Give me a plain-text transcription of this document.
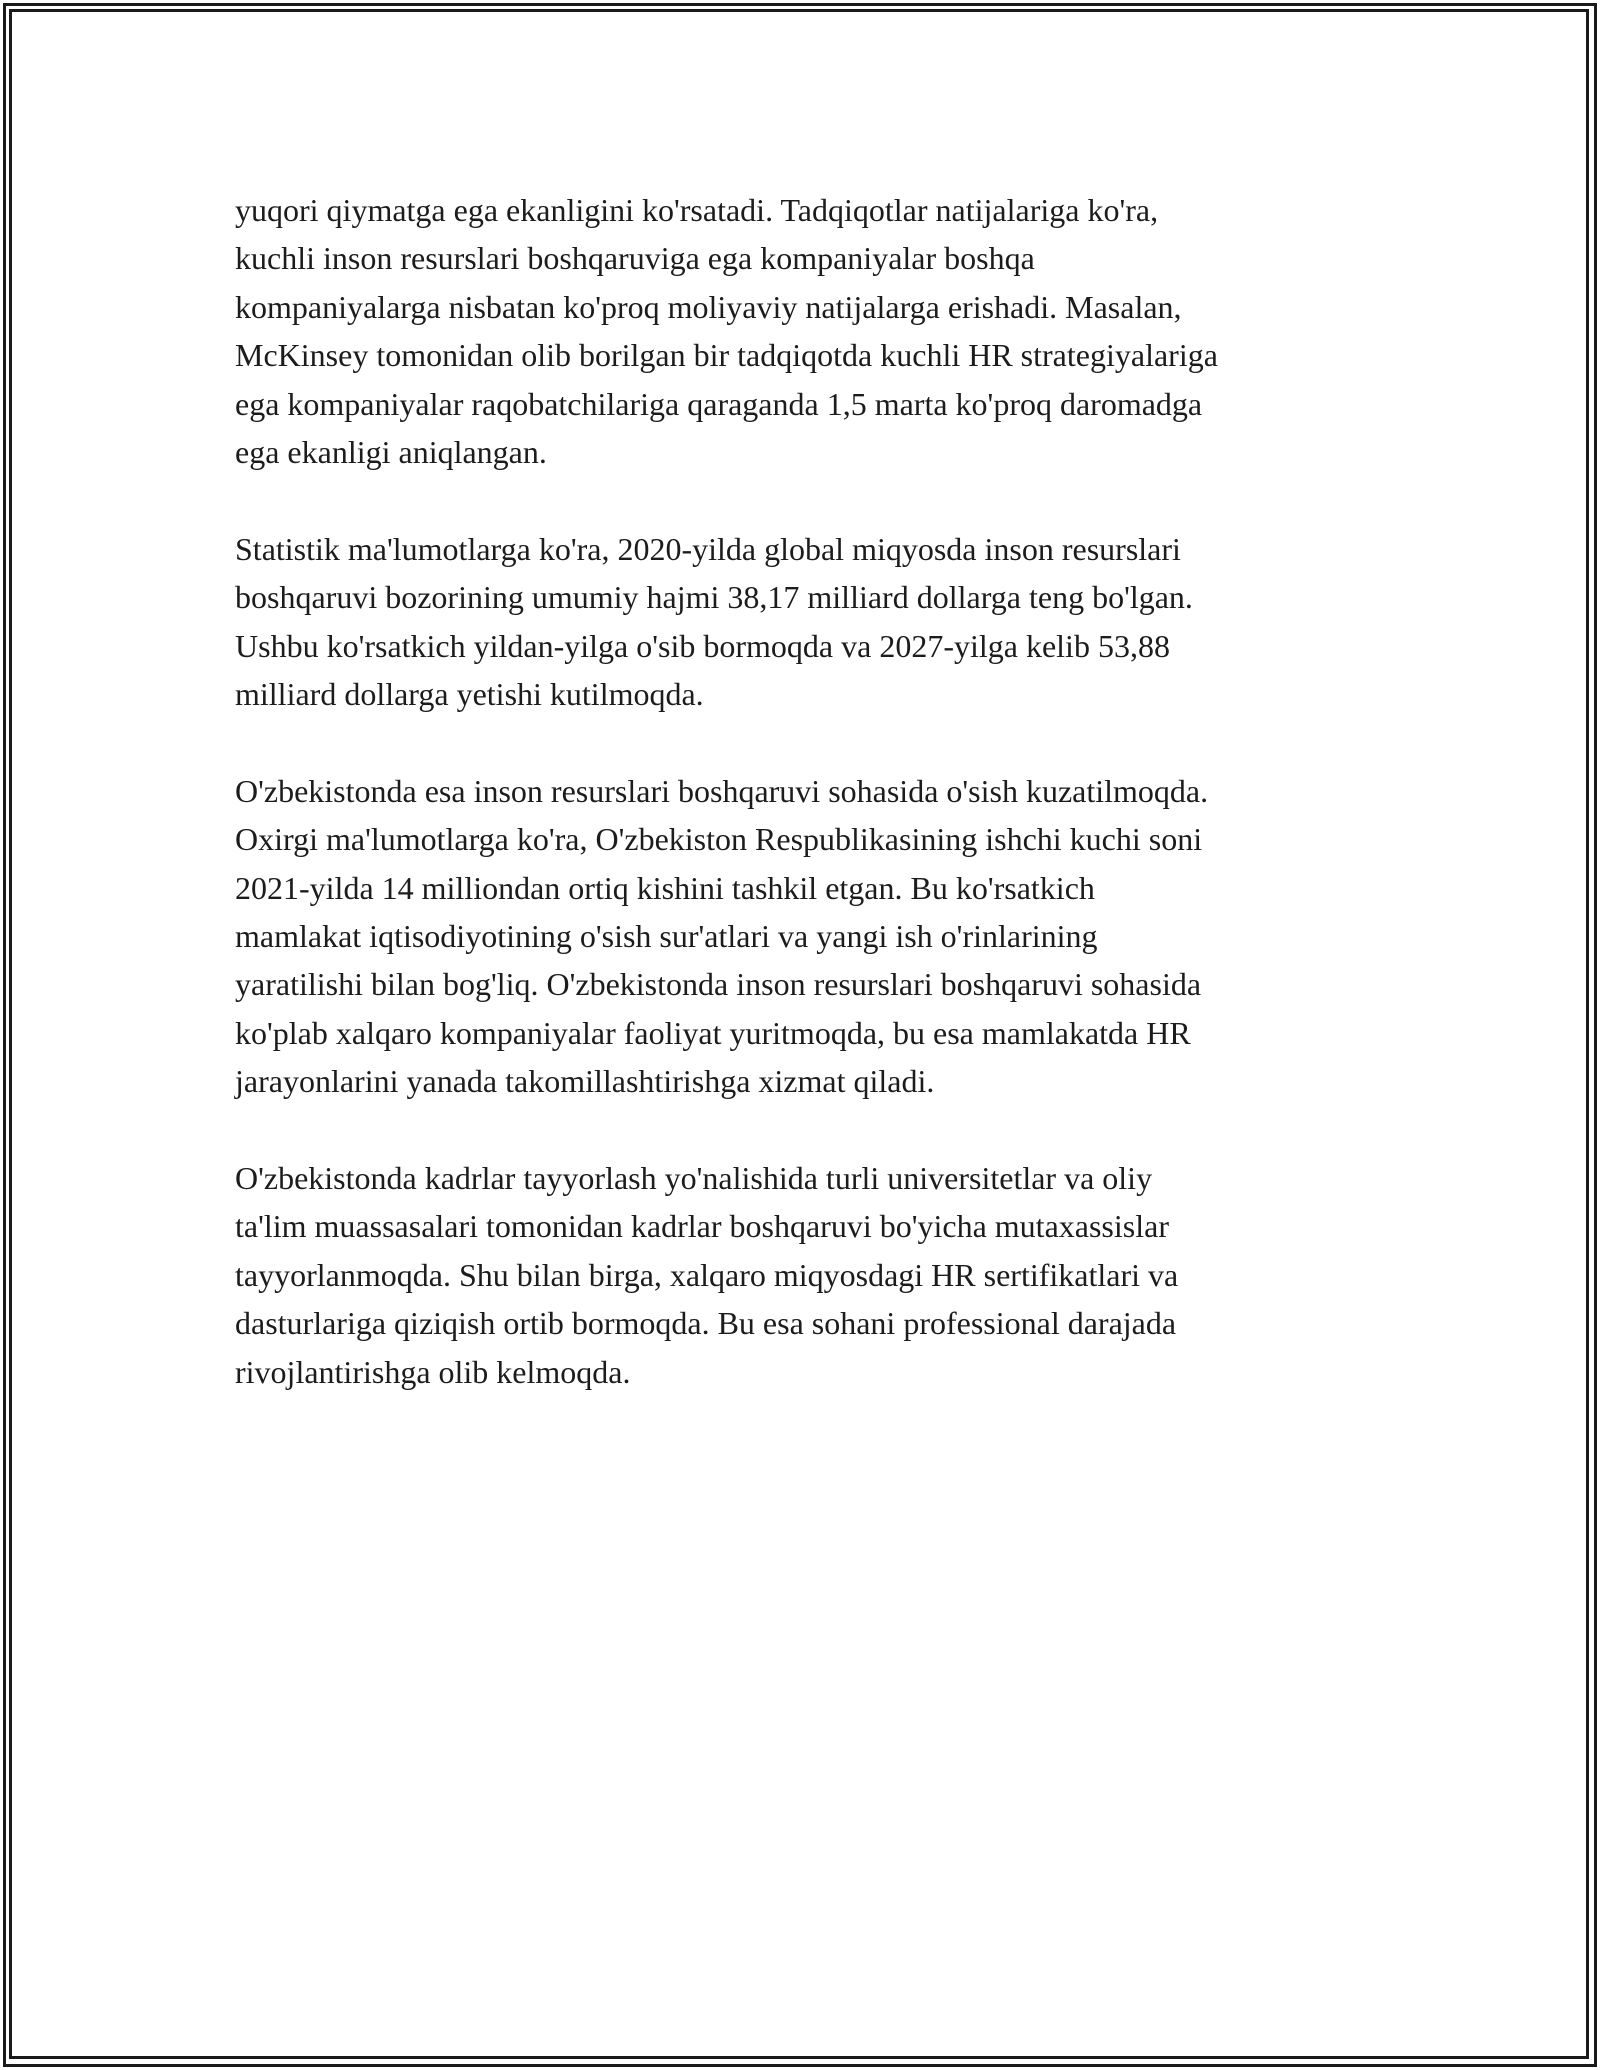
yuqori qiymatga ega ekanligini ko'rsatadi. Tadqiqotlar natijalariga ko'ra,
kuchli inson resurslari boshqaruviga ega kompaniyalar boshqa
kompaniyalarga nisbatan ko'proq moliyaviy natijalarga erishadi. Masalan,
McKinsey tomonidan olib borilgan bir tadqiqotda kuchli HR strategiyalariga
ega kompaniyalar raqobatchilariga qaraganda 1,5 marta ko'proq daromadga
ega ekanligi aniqlangan.

Statistik ma'lumotlarga ko'ra, 2020-yilda global miqyosda inson resurslari
boshqaruvi bozorining umumiy hajmi 38,17 milliard dollarga teng bo'lgan.
Ushbu ko'rsatkich yildan-yilga o'sib bormoqda va 2027-yilga kelib 53,88
milliard dollarga yetishi kutilmoqda.

O'zbekistonda esa inson resurslari boshqaruvi sohasida o'sish kuzatilmoqda.
Oxirgi ma'lumotlarga ko'ra, O'zbekiston Respublikasining ishchi kuchi soni
2021-yilda 14 milliondan ortiq kishini tashkil etgan. Bu ko'rsatkich
mamlakat iqtisodiyotining o'sish sur'atlari va yangi ish o'rinlarining
yaratilishi bilan bog'liq. O'zbekistonda inson resurslari boshqaruvi sohasida
ko'plab xalqaro kompaniyalar faoliyat yuritmoqda, bu esa mamlakatda HR
jarayonlarini yanada takomillashtirishga xizmat qiladi.

O'zbekistonda kadrlar tayyorlash yo'nalishida turli universitetlar va oliy
ta'lim muassasalari tomonidan kadrlar boshqaruvi bo'yicha mutaxassislar
tayyorlanmoqda. Shu bilan birga, xalqaro miqyosdagi HR sertifikatlari va
dasturlariga qiziqish ortib bormoqda. Bu esa sohani professional darajada
rivojlantirishga olib kelmoqda.
